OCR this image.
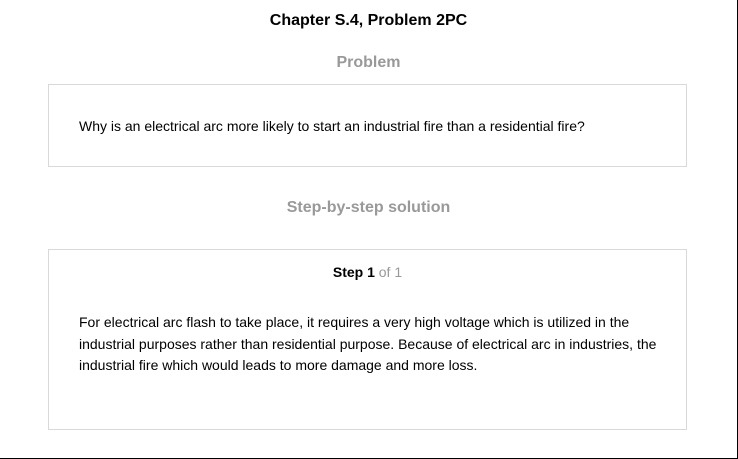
Chapter S.4, Problem 2PC
Problem
Why is an electrical arc more likely to start an industrial fire than a residential fire?
Step-by-step solution
Step 1 of 1
For electrical arc flash to take place, it requires a very high voltage which is utilized in the industrial purposes rather than residential purpose. Because of electrical arc in industries, the industrial fire which would leads to more damage and more loss.
